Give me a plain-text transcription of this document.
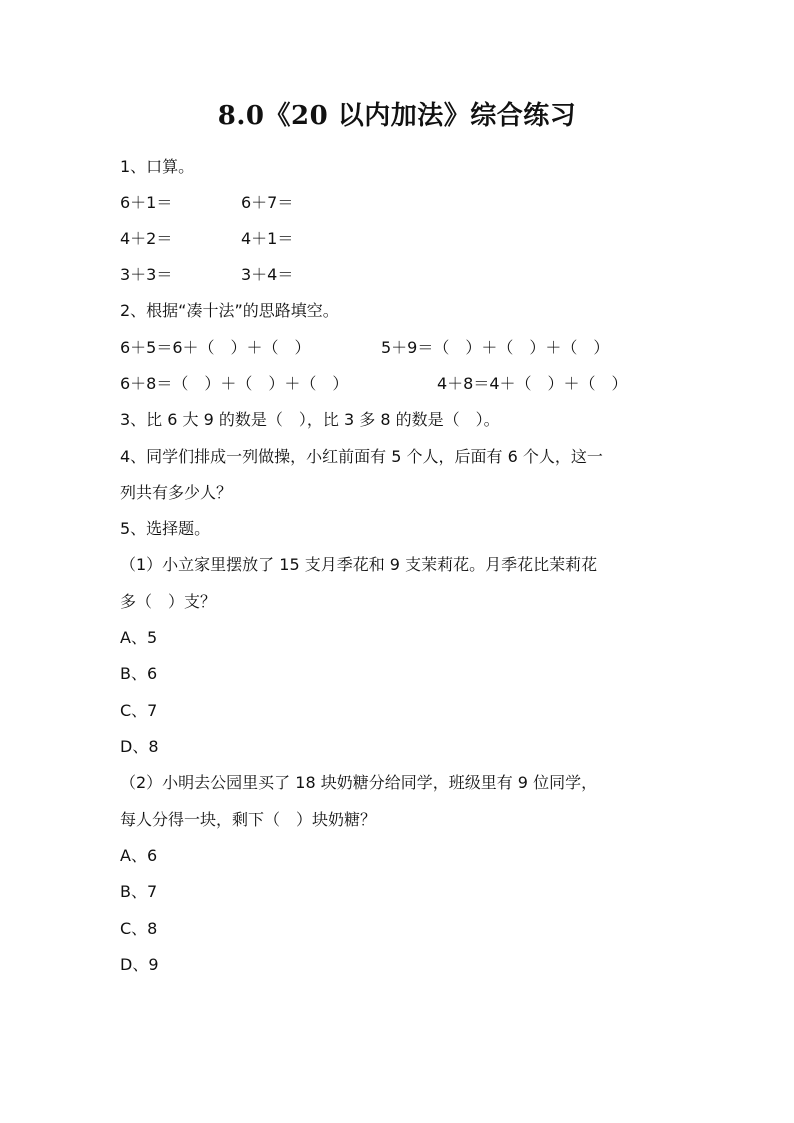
8.0《20 以内加法》综合练习
1、口算。
6＋1＝	6＋7＝
4＋2＝	4＋1＝
3＋3＝	3＋4＝
2、根据“凑十法”的思路填空。
6＋5＝6＋（　）＋（　）	5＋9＝（　）＋（　）＋（　）
6＋8＝（　）＋（　）＋（　）	4＋8＝4＋（　）＋（　）
3、比 6 大 9 的数是（　），比 3 多 8 的数是（　）。
4、同学们排成一列做操，小红前面有 5 个人，后面有 6 个人，这一
列共有多少人？
5、选择题。
（1）小立家里摆放了 15 支月季花和 9 支茉莉花。月季花比茉莉花
多（　）支？
A、5
B、6
C、7
D、8
（2）小明去公园里买了 18 块奶糖分给同学，班级里有 9 位同学，
每人分得一块，剩下（　）块奶糖？
A、6
B、7
C、8
D、9
